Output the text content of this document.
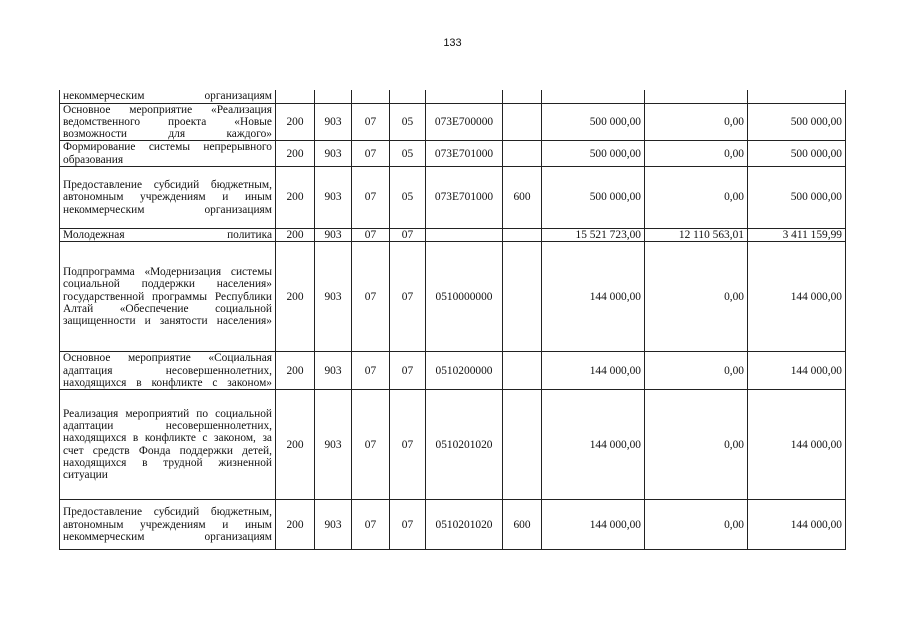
133
некоммерческим организациям									
Основное мероприятие «Реализация ведомственного проекта «Новые возможности для каждого»	200	903	07	05	073E700000		500 000,00	0,00	500 000,00
Формирование системы непрерывного образования	200	903	07	05	073E701000		500 000,00	0,00	500 000,00
Предоставление субсидий бюджетным, автономным учреждениям и иным некоммерческим организациям	200	903	07	05	073E701000	600	500 000,00	0,00	500 000,00
Молодежная политика	200	903	07	07			15 521 723,00	12 110 563,01	3 411 159,99
Подпрограмма «Модернизация системы социальной поддержки населения» государственной программы Республики Алтай «Обеспечение социальной защищенности и занятости населения»	200	903	07	07	0510000000		144 000,00	0,00	144 000,00
Основное мероприятие «Социальная адаптация несовершеннолетних, находящихся в конфликте с законом»	200	903	07	07	0510200000		144 000,00	0,00	144 000,00
Реализация мероприятий по социальной адаптации несовершеннолетних, находящихся в конфликте с законом, за счет средств Фонда поддержки детей, находящихся в трудной жизненной ситуации	200	903	07	07	0510201020		144 000,00	0,00	144 000,00
Предоставление субсидий бюджетным, автономным учреждениям и иным некоммерческим организациям	200	903	07	07	0510201020	600	144 000,00	0,00	144 000,00
